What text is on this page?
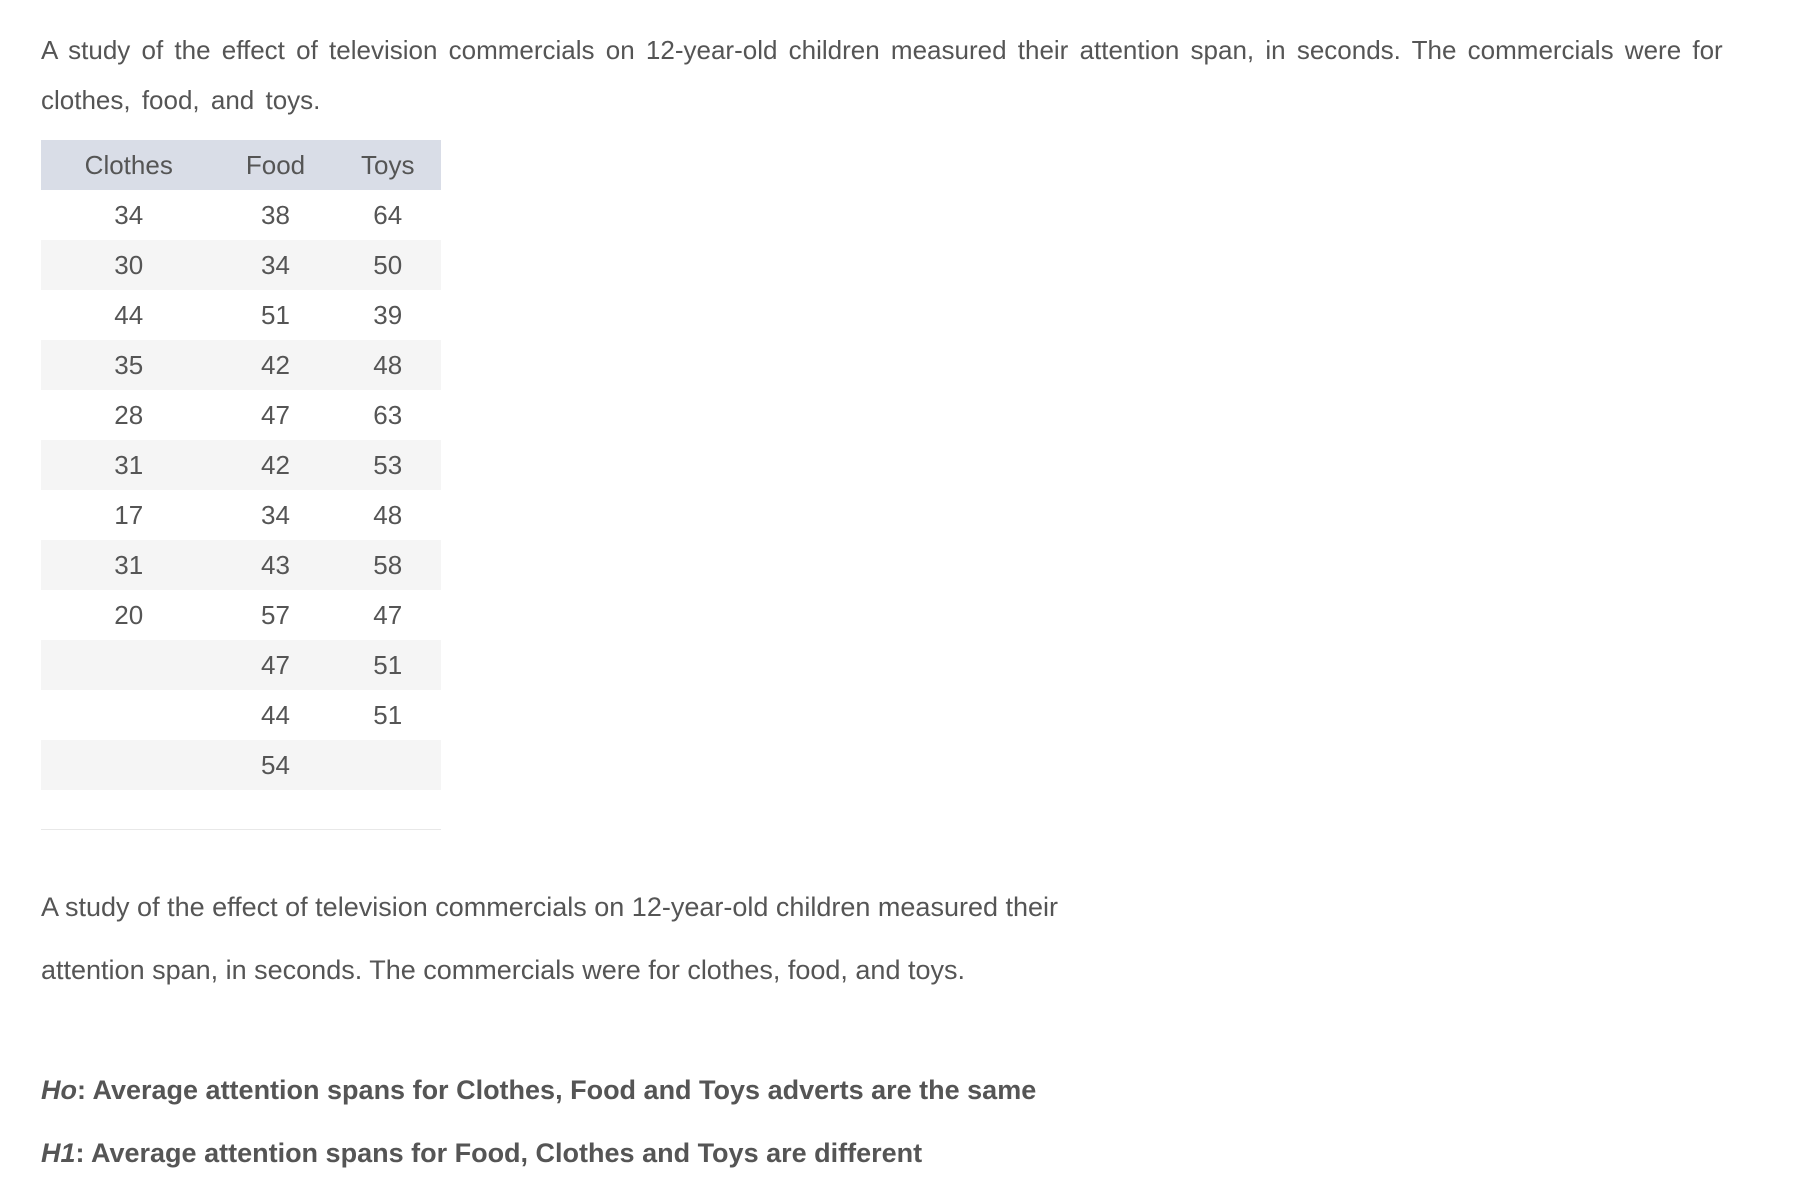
A study of the effect of television commercials on 12-year-old children measured their attention span, in seconds. The commercials were for
clothes, food, and toys.

Clothes	Food	Toys
34	38	64
30	34	50
44	51	39
35	42	48
28	47	63
31	42	53
17	34	48
31	43	58
20	57	47
	47	51
	44	51
	54	

A study of the effect of television commercials on 12-year-old children measured their
attention span, in seconds. The commercials were for clothes, food, and toys.

Ho: Average attention spans for Clothes, Food and Toys adverts are the same

H1: Average attention spans for Food, Clothes and Toys are different
